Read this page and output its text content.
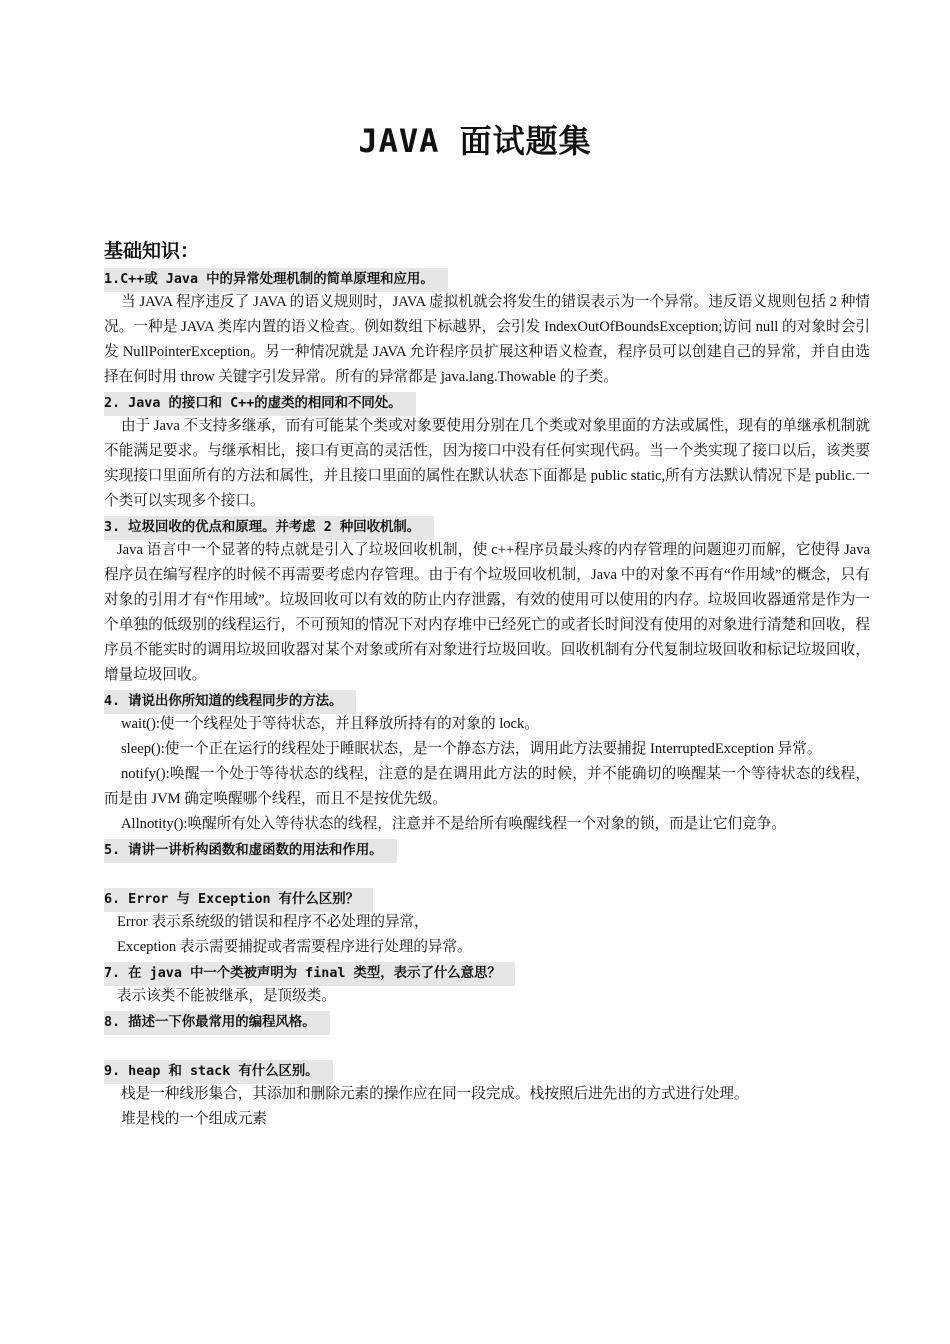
JAVA 面试题集
基础知识：
1.C++或 Java 中的异常处理机制的简单原理和应用。
当 JAVA 程序违反了 JAVA 的语义规则时，JAVA 虚拟机就会将发生的错误表示为一个异常。违反语义规则包括 2 种情况。一种是 JAVA 类库内置的语义检查。例如数组下标越界，会引发 IndexOutOfBoundsException;访问 null 的对象时会引发 NullPointerException。另一种情况就是 JAVA 允许程序员扩展这种语义检查，程序员可以创建自己的异常，并自由选择在何时用 throw 关键字引发异常。所有的异常都是 java.lang.Thowable 的子类。
2. Java 的接口和 C++的虚类的相同和不同处。
由于 Java 不支持多继承，而有可能某个类或对象要使用分别在几个类或对象里面的方法或属性，现有的单继承机制就不能满足要求。与继承相比，接口有更高的灵活性，因为接口中没有任何实现代码。当一个类实现了接口以后，该类要实现接口里面所有的方法和属性，并且接口里面的属性在默认状态下面都是 public static,所有方法默认情况下是 public.一个类可以实现多个接口。
3. 垃圾回收的优点和原理。并考虑 2 种回收机制。
Java 语言中一个显著的特点就是引入了垃圾回收机制，使 c++程序员最头疼的内存管理的问题迎刃而解，它使得 Java 程序员在编写程序的时候不再需要考虑内存管理。由于有个垃圾回收机制，Java 中的对象不再有“作用域”的概念，只有对象的引用才有“作用域”。垃圾回收可以有效的防止内存泄露，有效的使用可以使用的内存。垃圾回收器通常是作为一个单独的低级别的线程运行，不可预知的情况下对内存堆中已经死亡的或者长时间没有使用的对象进行清楚和回收，程序员不能实时的调用垃圾回收器对某个对象或所有对象进行垃圾回收。回收机制有分代复制垃圾回收和标记垃圾回收，增量垃圾回收。
4. 请说出你所知道的线程同步的方法。
wait():使一个线程处于等待状态，并且释放所持有的对象的 lock。
sleep():使一个正在运行的线程处于睡眠状态，是一个静态方法，调用此方法要捕捉 InterruptedException 异常。
notify():唤醒一个处于等待状态的线程，注意的是在调用此方法的时候，并不能确切的唤醒某一个等待状态的线程，而是由 JVM 确定唤醒哪个线程，而且不是按优先级。
Allnotity():唤醒所有处入等待状态的线程，注意并不是给所有唤醒线程一个对象的锁，而是让它们竞争。
5. 请讲一讲析构函数和虚函数的用法和作用。
6. Error 与 Exception 有什么区别？
Error 表示系统级的错误和程序不必处理的异常，
Exception 表示需要捕捉或者需要程序进行处理的异常。
7. 在 java 中一个类被声明为 final 类型，表示了什么意思？
表示该类不能被继承，是顶级类。
8. 描述一下你最常用的编程风格。
9. heap 和 stack 有什么区别。
栈是一种线形集合，其添加和删除元素的操作应在同一段完成。栈按照后进先出的方式进行处理。
堆是栈的一个组成元素
